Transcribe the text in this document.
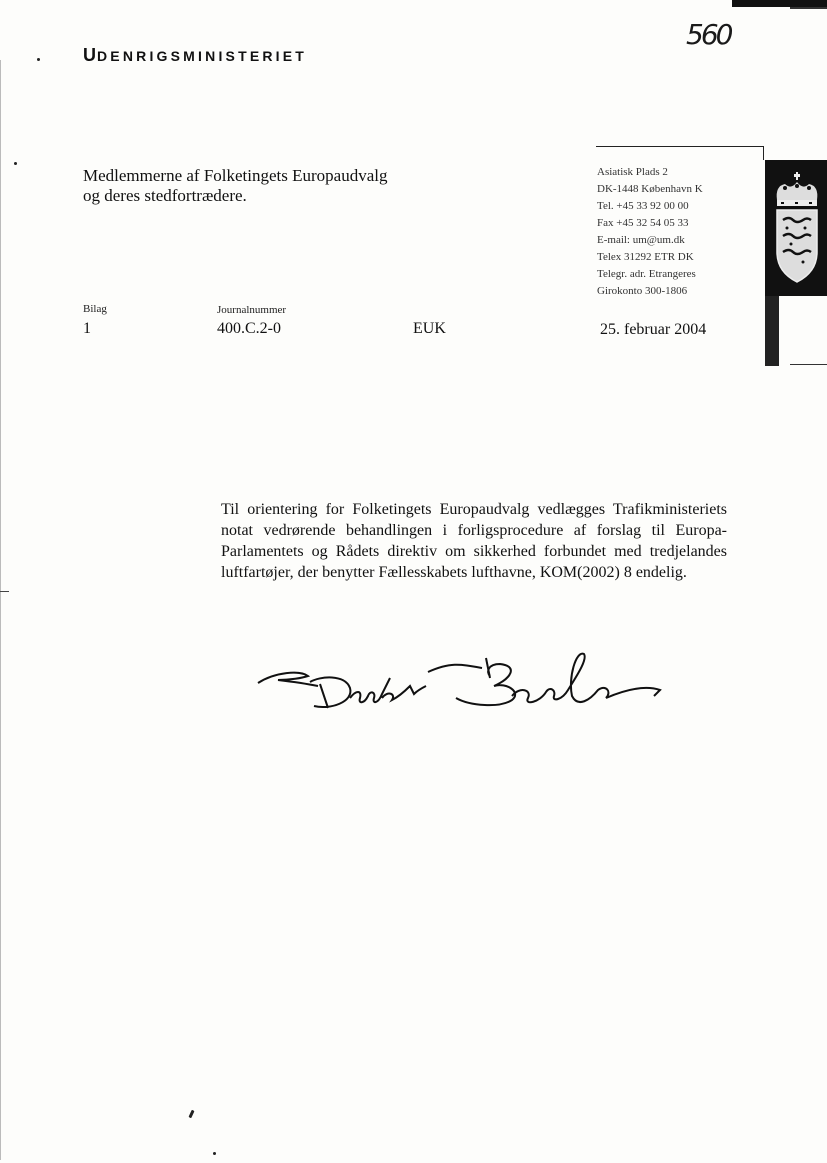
UDENRIGSMINISTERIET
560
Medlemmerne af Folketingets Europaudvalg
og deres stedfortrædere.
Asiatisk Plads 2
DK-1448 København K
Tel. +45 33 92 00 00
Fax +45 32 54 05 33
E-mail: um@um.dk
Telex 31292 ETR DK
Telegr. adr. Etrangeres
Girokonto 300-1806
Bilag
1
Journalnummer
400.C.2-0	EUK	25. februar 2004
Til orientering for Folketingets Europaudvalg vedlægges Trafikministeriets notat vedrørende behandlingen i forligsprocedure af forslag til Europa-Parlamentets og Rådets direktiv om sikkerhed forbundet med tredjelandes luftfartøjer, der benytter Fællesskabets lufthavne, KOM(2002) 8 endelig.
